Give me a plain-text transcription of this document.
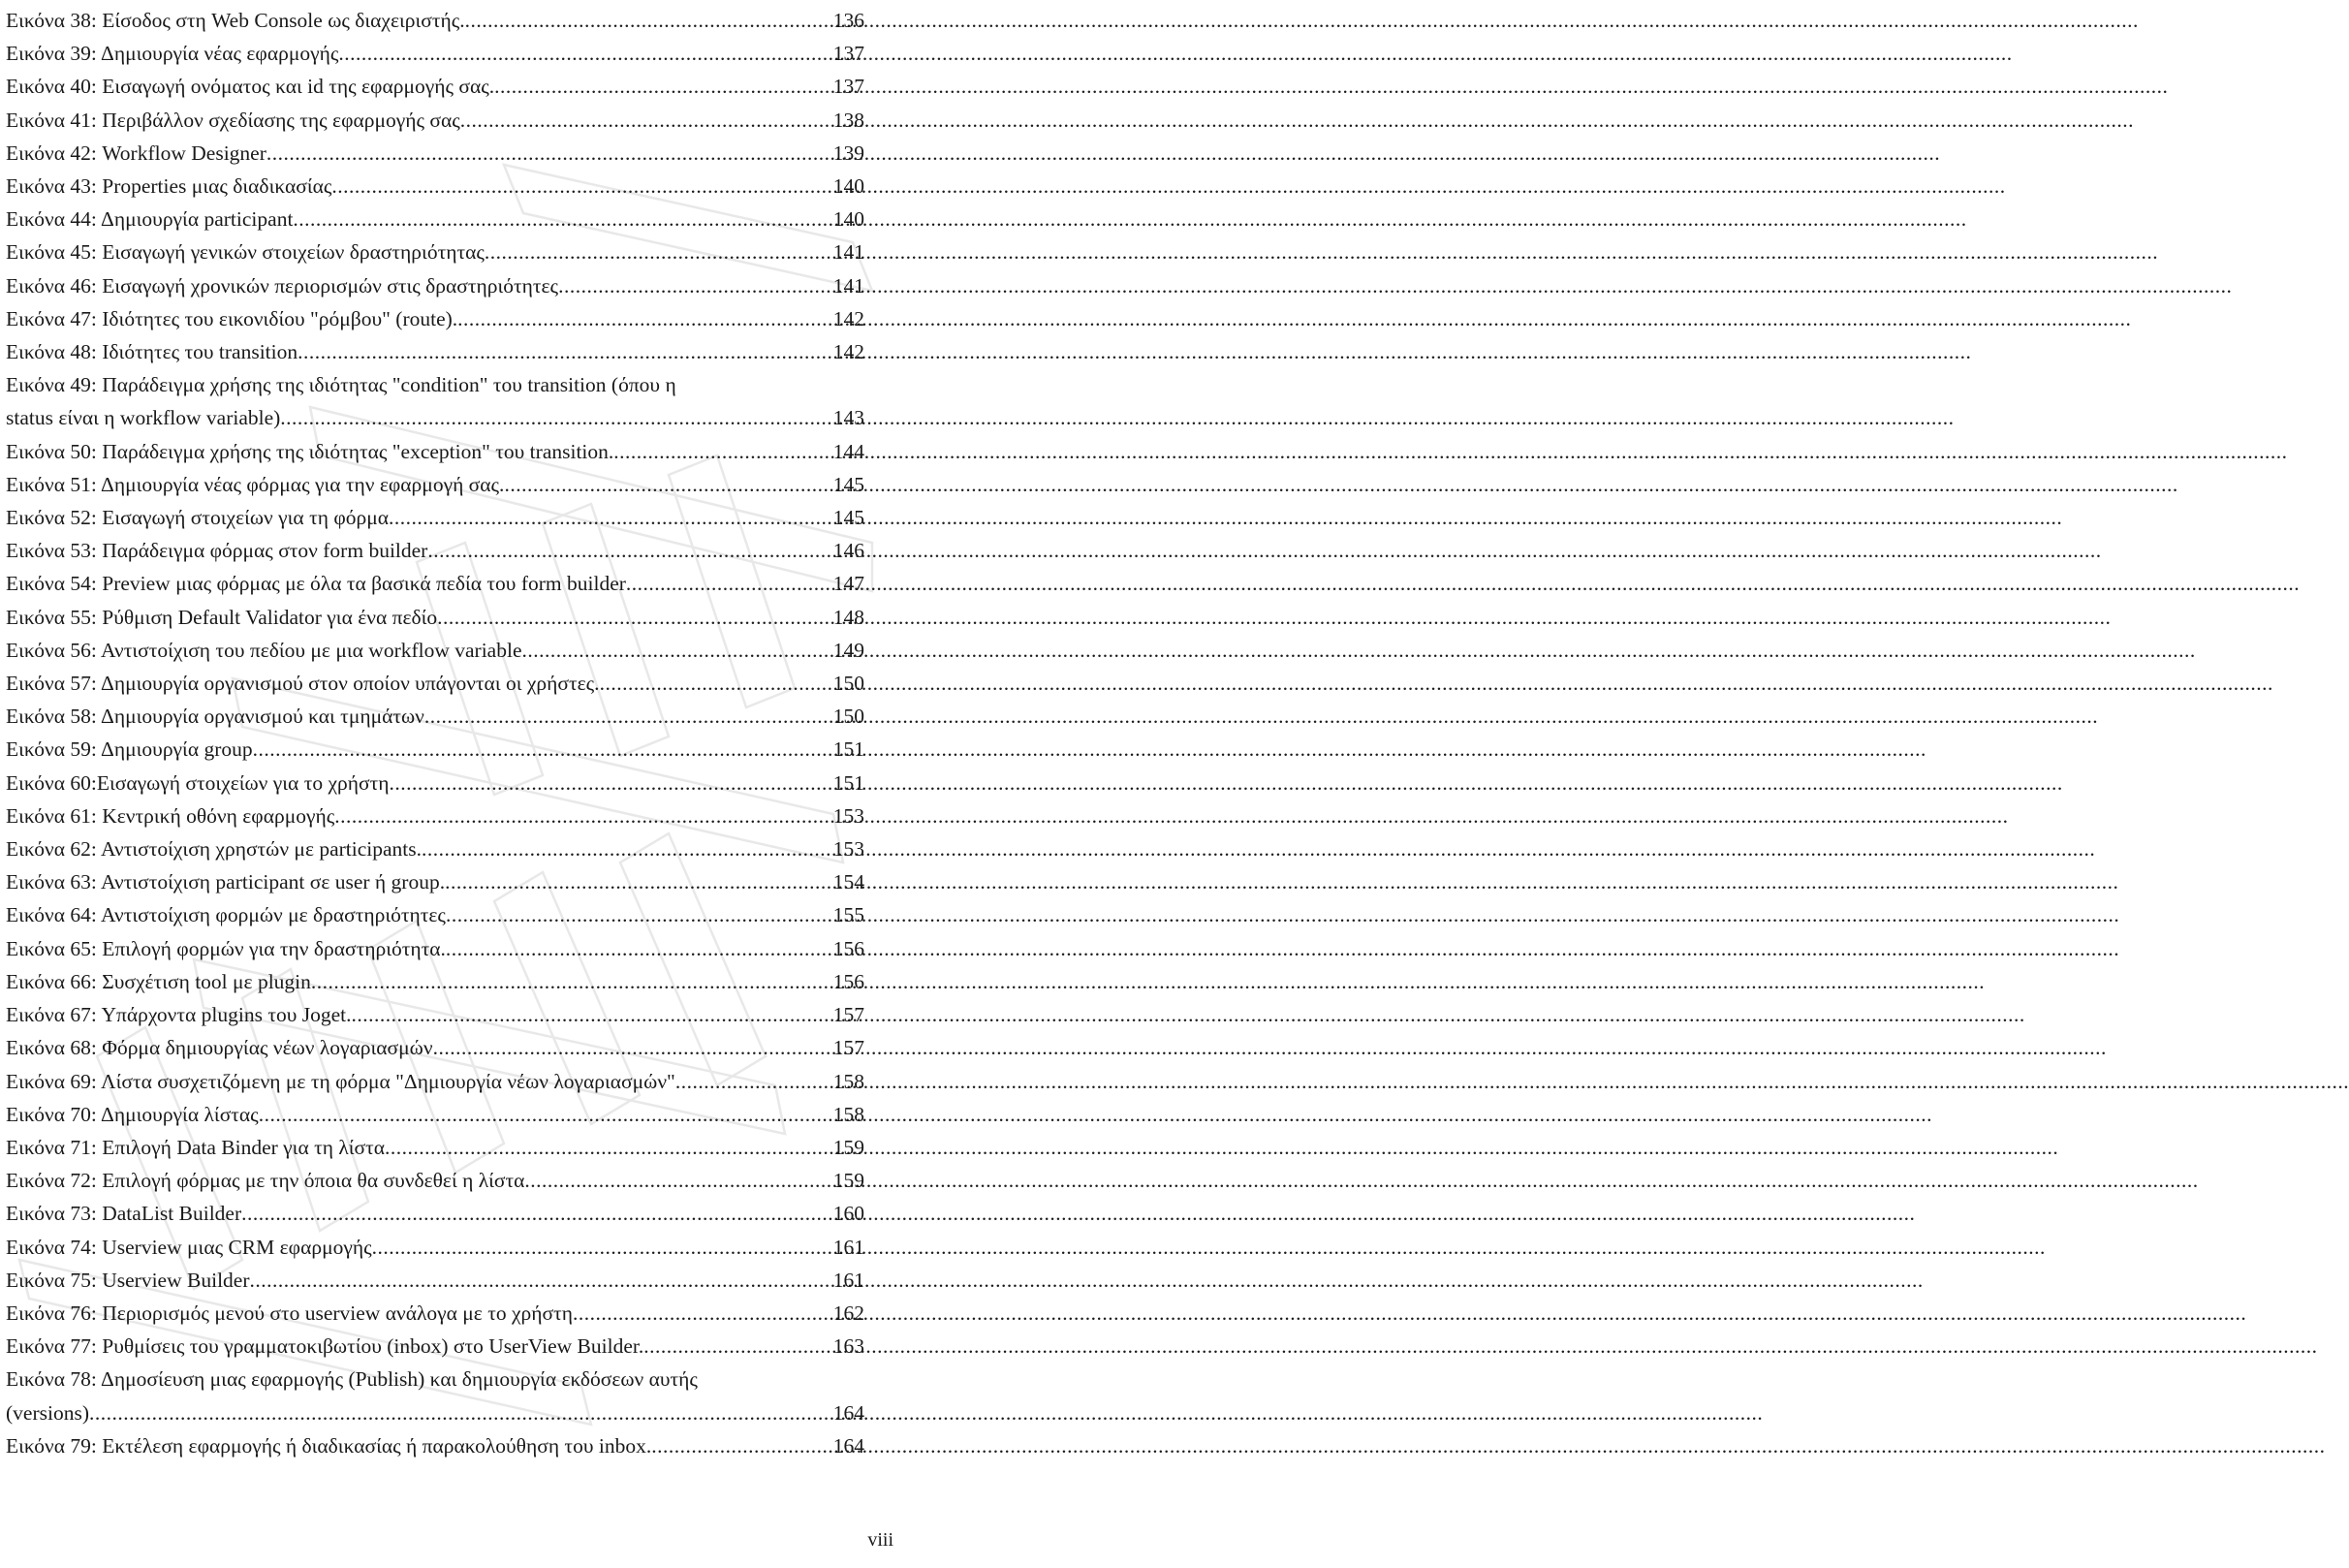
Εικόνα 38: Είσοδος στη Web Console ως διαχειριστής. .....	136
Εικόνα 39: Δημιουργία νέας εφαρμογής .....	137
Εικόνα 40: Εισαγωγή ονόματος και id της εφαρμογής σας. .....	137
Εικόνα 41: Περιβάλλον σχεδίασης της εφαρμογής σας .....	138
Εικόνα 42: Workflow Designer .....	139
Εικόνα 43: Properties μιας διαδικασίας .....	140
Εικόνα 44: Δημιουργία participant .....	140
Εικόνα 45: Εισαγωγή γενικών στοιχείων δραστηριότητας .....	141
Εικόνα 46: Εισαγωγή χρονικών περιορισμών στις δραστηριότητες .....	141
Εικόνα 47: Ιδιότητες του εικονιδίου "ρόμβου" (route). .....	142
Εικόνα 48: Ιδιότητες του transition .....	142
Εικόνα 49: Παράδειγμα χρήσης της ιδιότητας "condition" του transition (όπου η
status είναι η workflow variable) .....	143
Εικόνα 50: Παράδειγμα χρήσης της ιδιότητας "exception" του transition. .....	144
Εικόνα 51: Δημιουργία νέας φόρμας για την εφαρμογή σας. .....	145
Εικόνα 52: Εισαγωγή στοιχείων για τη φόρμα .....	145
Εικόνα 53: Παράδειγμα φόρμας στον form builder .....	146
Εικόνα 54: Preview μιας φόρμας με όλα τα βασικά πεδία του form builder .....	147
Εικόνα 55: Ρύθμιση Default Validator για ένα πεδίο .....	148
Εικόνα 56: Αντιστοίχιση του πεδίου με μια workflow variable .....	149
Εικόνα 57: Δημιουργία οργανισμού στον οποίον υπάγονται οι χρήστες. .....	150
Εικόνα 58: Δημιουργία οργανισμού και τμημάτων .....	150
Εικόνα 59: Δημιουργία group .....	151
Εικόνα 60:Εισαγωγή στοιχείων για το χρήστη .....	151
Εικόνα 61: Κεντρική οθόνη εφαρμογής .....	153
Εικόνα 62: Αντιστοίχιση χρηστών με participants. .....	153
Εικόνα 63: Αντιστοίχιση participant σε user ή group. .....	154
Εικόνα 64: Αντιστοίχιση φορμών με δραστηριότητες .....	155
Εικόνα 65: Επιλογή φορμών για την δραστηριότητα. .....	156
Εικόνα 66: Συσχέτιση tool με plugin .....	156
Εικόνα 67: Υπάρχοντα plugins του Joget. .....	157
Εικόνα 68: Φόρμα δημιουργίας νέων λογαριασμών .....	157
Εικόνα 69: Λίστα συσχετιζόμενη με τη φόρμα "Δημιουργία νέων λογαριασμών" .....	158
Εικόνα 70: Δημιουργία λίστας .....	158
Εικόνα 71: Επιλογή Data Binder για τη λίστα .....	159
Εικόνα 72: Επιλογή φόρμας με την όποια θα συνδεθεί η λίστα .....	159
Εικόνα 73: DataList Builder .....	160
Εικόνα 74: Userview μιας CRM εφαρμογής .....	161
Εικόνα 75: Userview Builder .....	161
Εικόνα 76: Περιορισμός μενού στο userview ανάλογα με το χρήστη .....	162
Εικόνα 77: Ρυθμίσεις του γραμματοκιβωτίου (inbox) στο UserView Builder. .....	163
Εικόνα 78: Δημοσίευση μιας εφαρμογής (Publish) και δημιουργία εκδόσεων αυτής
(versions) .....	164
Εικόνα 79: Εκτέλεση εφαρμογής ή διαδικασίας ή παρακολούθηση του inbox. .....	164
viii
